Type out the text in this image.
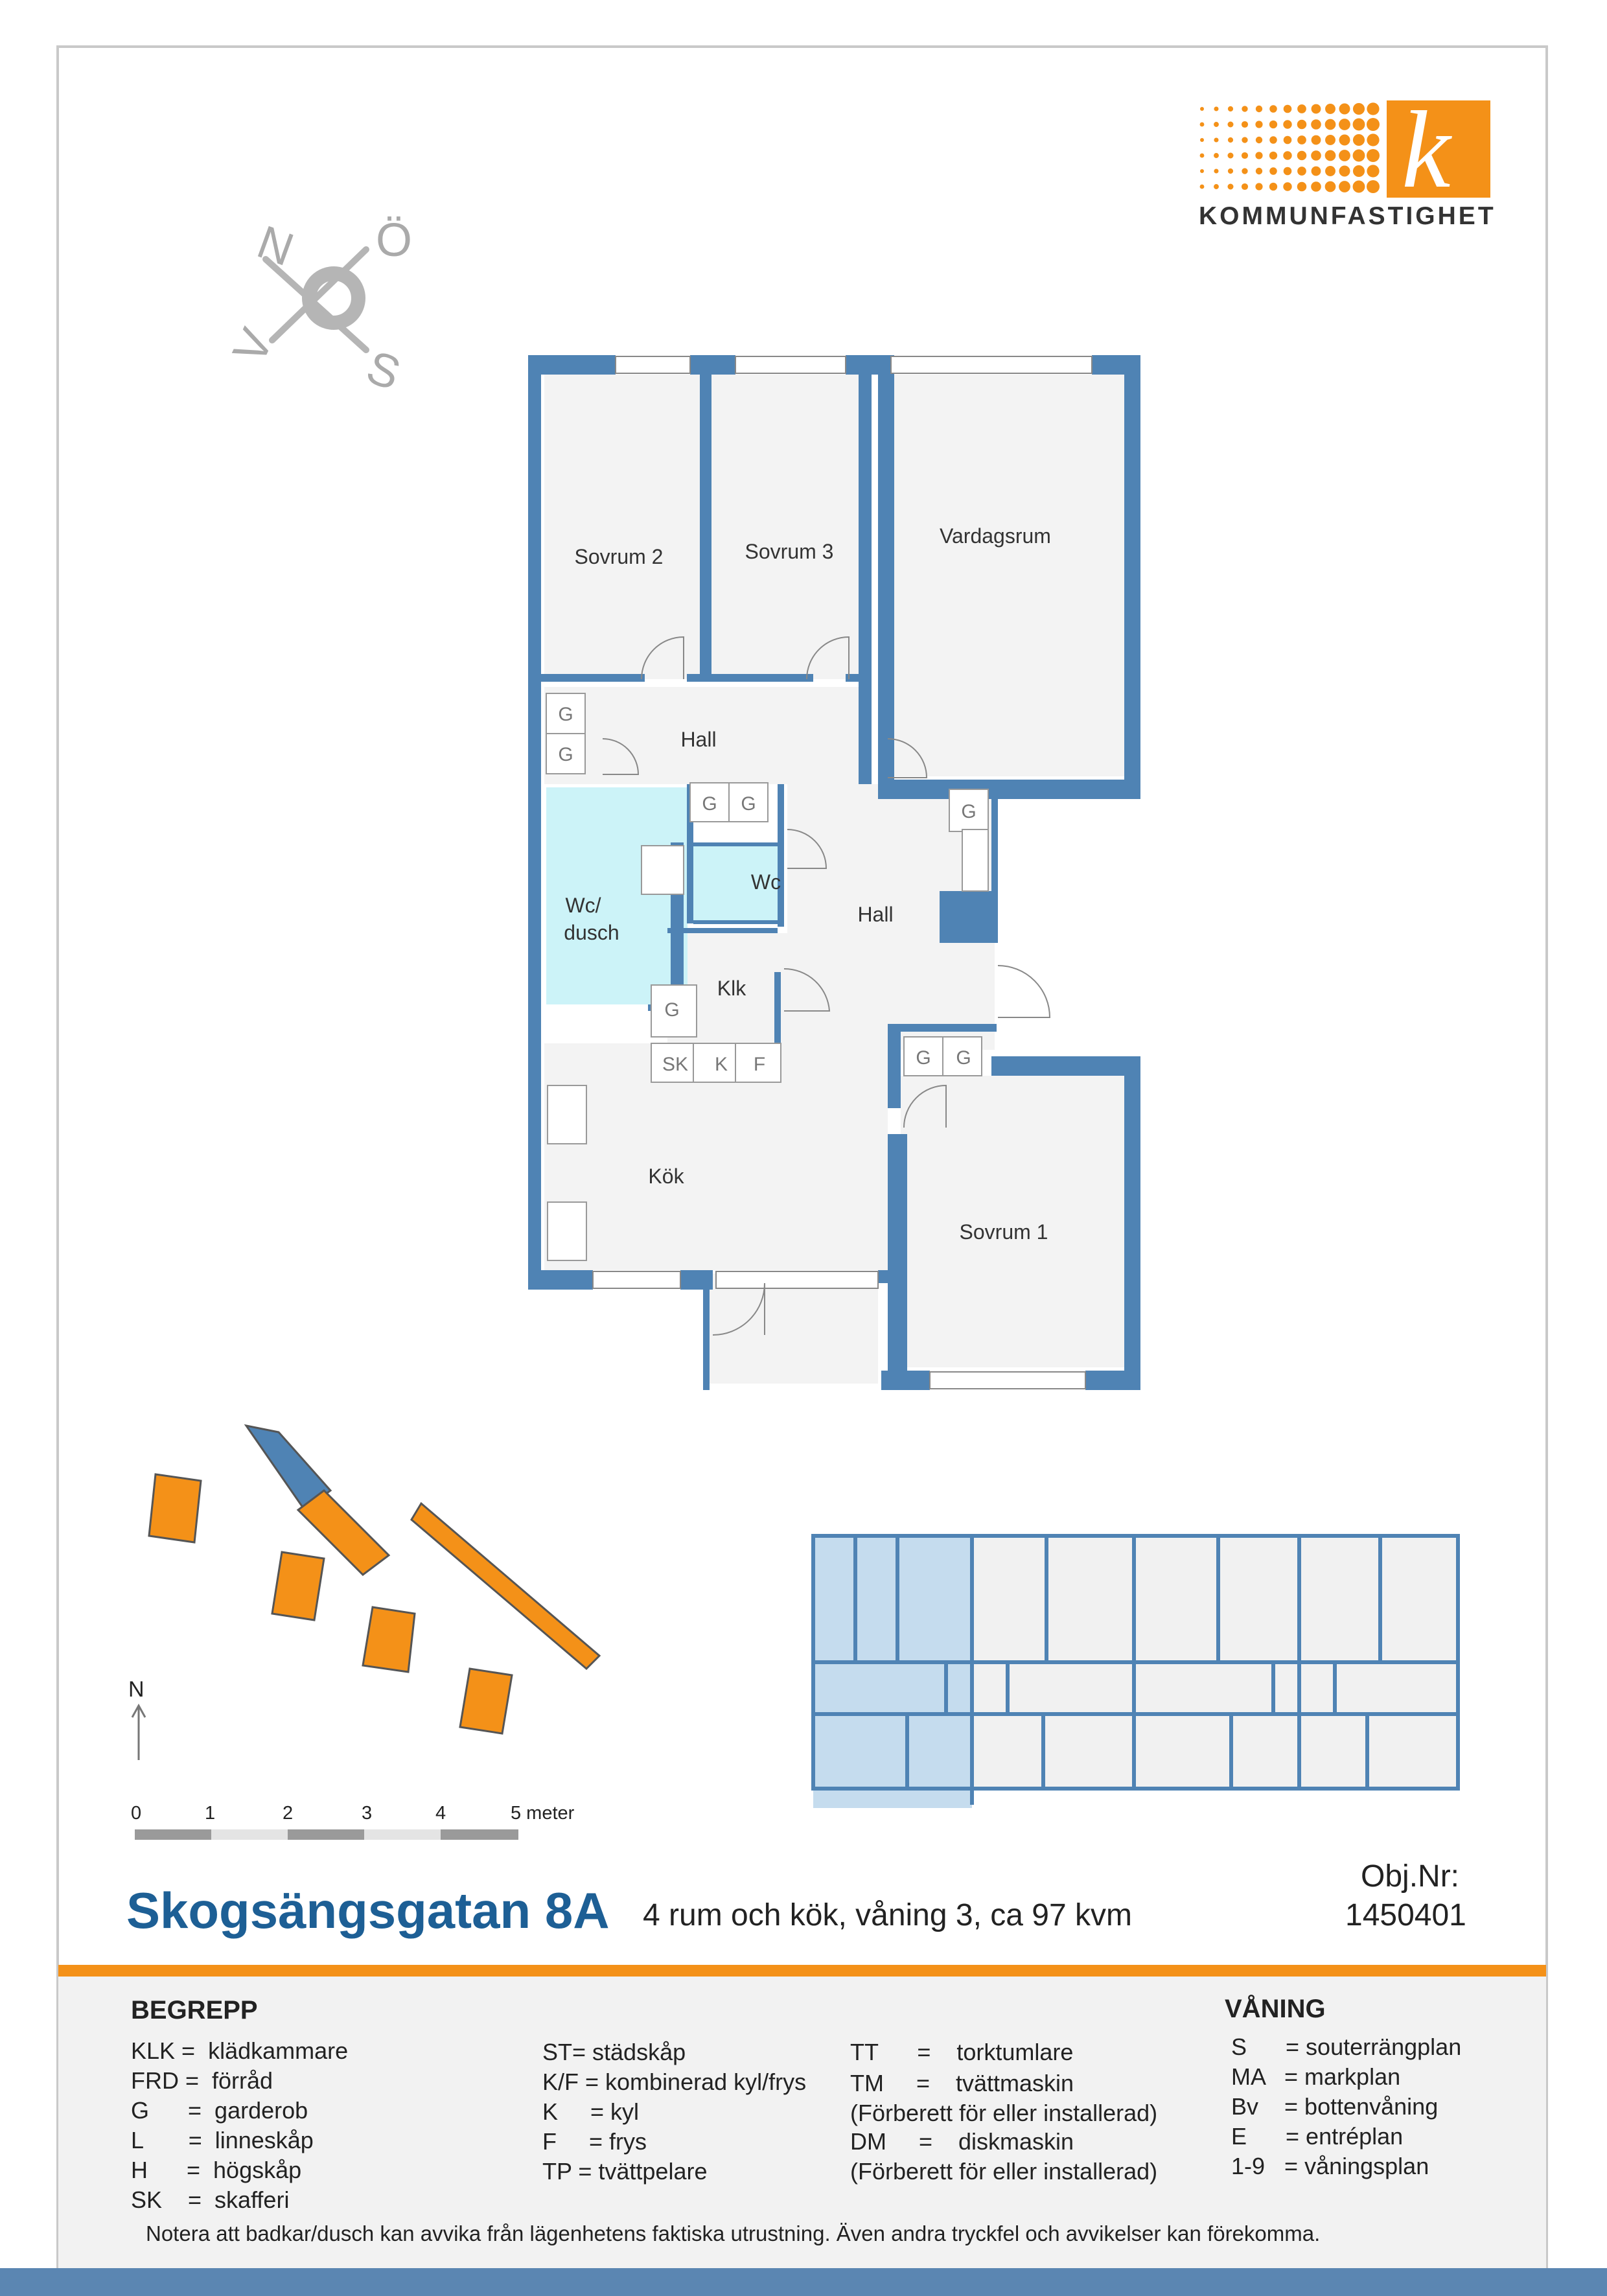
k
KOMMUNFASTIGHET
N Ö
S
V
G
G
G G	G
G
SK K F	G G
Sovrum 2	Sovrum 3
Vardagsrum
Hall
Hall
Wc/
dusch
Wc
Klk
Kök
Sovrum 1
N
0	1	2	3	4	5 meter
Skogsängsgatan 8A 4 rum och kök, våning 3, ca 97 kvm
Obj.Nr:
1450401
BEGREPP
KLK =  klädkammare
FRD =  förråd
G      =  garderob
L       =  linneskåp
H      =  högskåp
SK    =  skafferi
ST= städskåp
K/F = kombinerad kyl/frys
K     = kyl
F     = frys
TP = tvättpelare
TT      =    torktumlare
TM     =    tvättmaskin
(Förberett för eller installerad)
DM     =    diskmaskin
(Förberett för eller installerad)
VÅNING
S      = souterrängplan
MA   = markplan
Bv    = bottenvåning
E      = entréplan
1-9   = våningsplan
Notera att badkar/dusch kan avvika från lägenhetens faktiska utrustning. Även andra tryckfel och avvikelser kan förekomma.
